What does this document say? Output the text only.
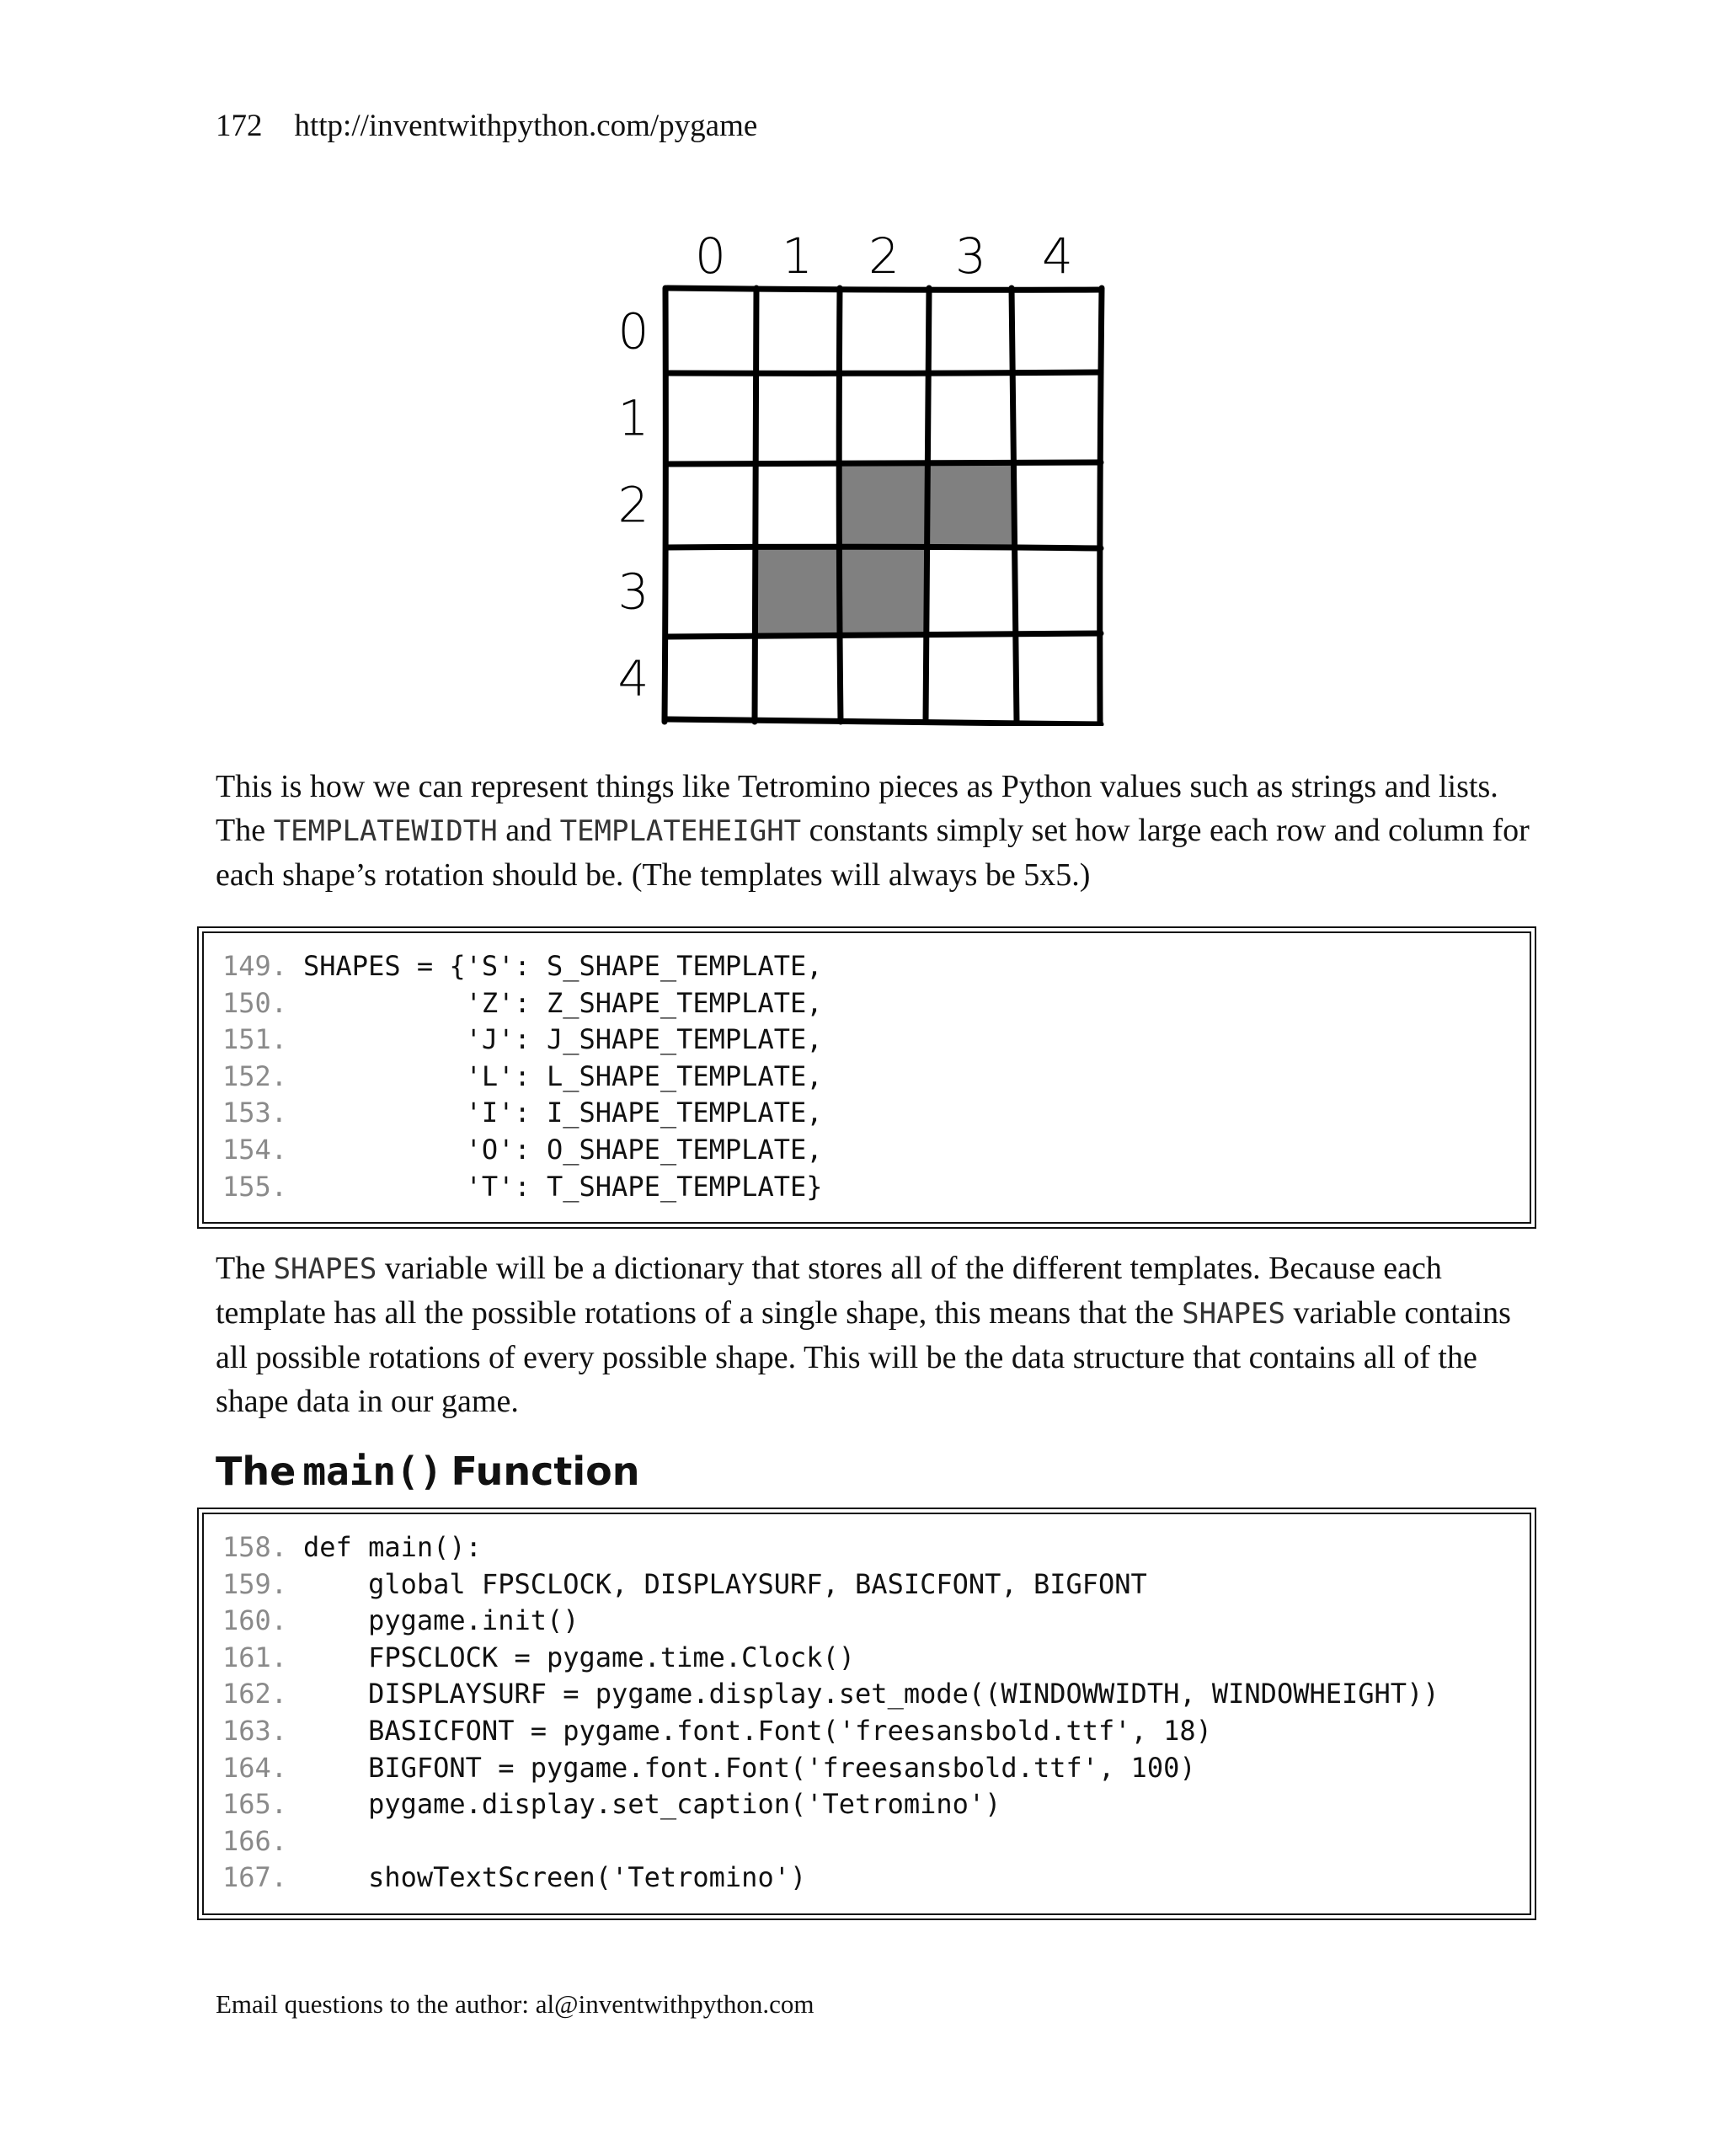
172 http://inventwithpython.com/pygame
0 1 2 3 4
0
1
2
3
4

This is how we can represent things like Tetromino pieces as Python values such as strings and lists. The TEMPLATEWIDTH and TEMPLATEHEIGHT constants simply set how large each row and column for each shape’s rotation should be. (The templates will always be 5x5.)

149. SHAPES = {'S': S_SHAPE_TEMPLATE,
150.          'Z': Z_SHAPE_TEMPLATE,
151.          'J': J_SHAPE_TEMPLATE,
152.          'L': L_SHAPE_TEMPLATE,
153.          'I': I_SHAPE_TEMPLATE,
154.          'O': O_SHAPE_TEMPLATE,
155.          'T': T_SHAPE_TEMPLATE}

The SHAPES variable will be a dictionary that stores all of the different templates. Because each template has all the possible rotations of a single shape, this means that the SHAPES variable contains all possible rotations of every possible shape. This will be the data structure that contains all of the shape data in our game.

The main() Function
158. def main():
159.    global FPSCLOCK, DISPLAYSURF, BASICFONT, BIGFONT
160.    pygame.init()
161.    FPSCLOCK = pygame.time.Clock()
162.    DISPLAYSURF = pygame.display.set_mode((WINDOWWIDTH, WINDOWHEIGHT))
163.    BASICFONT = pygame.font.Font('freesansbold.ttf', 18)
164.    BIGFONT = pygame.font.Font('freesansbold.ttf', 100)
165.    pygame.display.set_caption('Tetromino')
166.
167.    showTextScreen('Tetromino')
Email questions to the author: al@inventwithpython.com
